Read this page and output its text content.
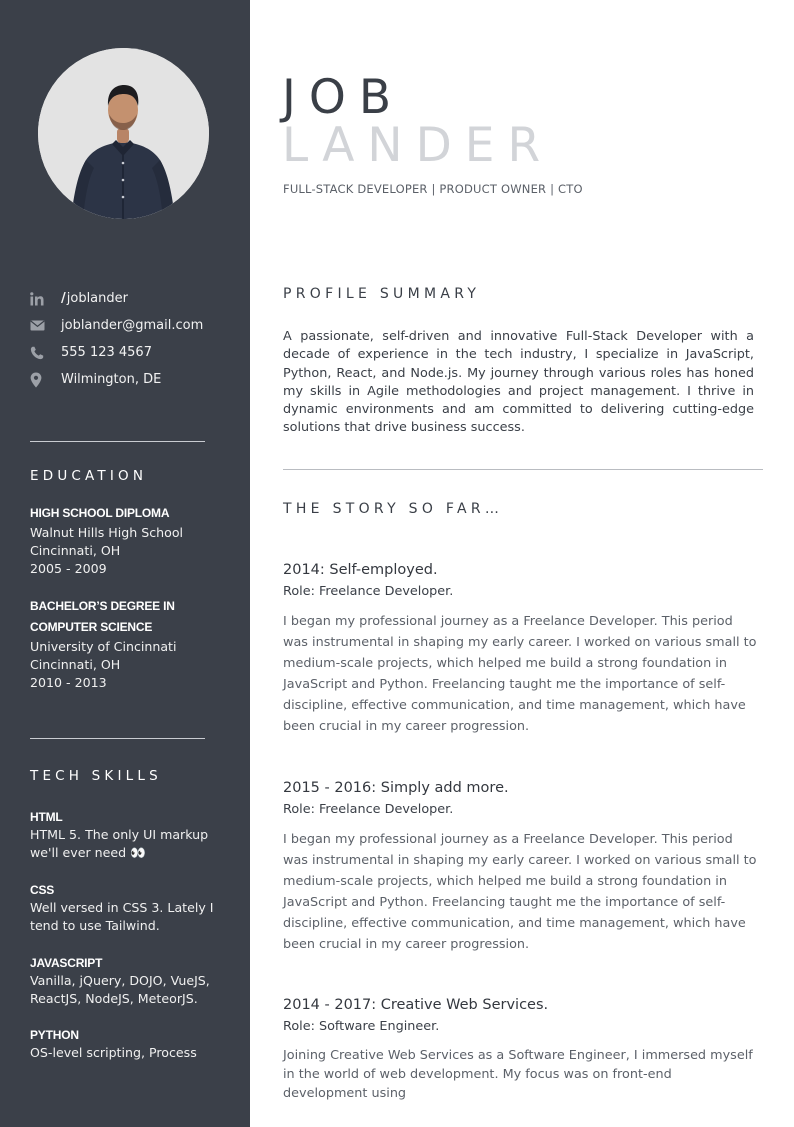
/joblander
joblander@gmail.com
555 123 4567
Wilmington, DE
EDUCATION
HIGH SCHOOL DIPLOMA
Walnut Hills High School
Cincinnati, OH
2005 - 2009
BACHELOR’S DEGREE IN
COMPUTER SCIENCE
University of Cincinnati
Cincinnati, OH
2010 - 2013
TECH SKILLS
HTML
HTML 5. The only UI markup we'll ever need 👀
CSS
Well versed in CSS 3. Lately I tend to use Tailwind.
JAVASCRIPT
Vanilla, jQuery, DOJO, VueJS, ReactJS, NodeJS, MeteorJS.
PYTHON
OS-level scripting, Process
JOB
LANDER
FULL-STACK DEVELOPER | PRODUCT OWNER | CTO
PROFILE SUMMARY
A passionate, self-driven and innovative Full-Stack Developer with a decade of experience in the tech industry, I specialize in JavaScript, Python, React, and Node.js. My journey through various roles has honed my skills in Agile methodologies and project management. I thrive in dynamic environments and am committed to delivering cutting-edge solutions that drive business success.
THE STORY SO FAR…
2014: Self-employed.
Role: Freelance Developer.
I began my professional journey as a Freelance Developer. This period was instrumental in shaping my early career. I worked on various small to medium-scale projects, which helped me build a strong foundation in JavaScript and Python. Freelancing taught me the importance of self-discipline, effective communication, and time management, which have been crucial in my career progression.
2015 - 2016: Simply add more.
Role: Freelance Developer.
I began my professional journey as a Freelance Developer. This period was instrumental in shaping my early career. I worked on various small to medium-scale projects, which helped me build a strong foundation in JavaScript and Python. Freelancing taught me the importance of self-discipline, effective communication, and time management, which have been crucial in my career progression.
2014 - 2017: Creative Web Services.
Role: Software Engineer.
Joining Creative Web Services as a Software Engineer, I immersed myself in the world of web development. My focus was on front-end development using
